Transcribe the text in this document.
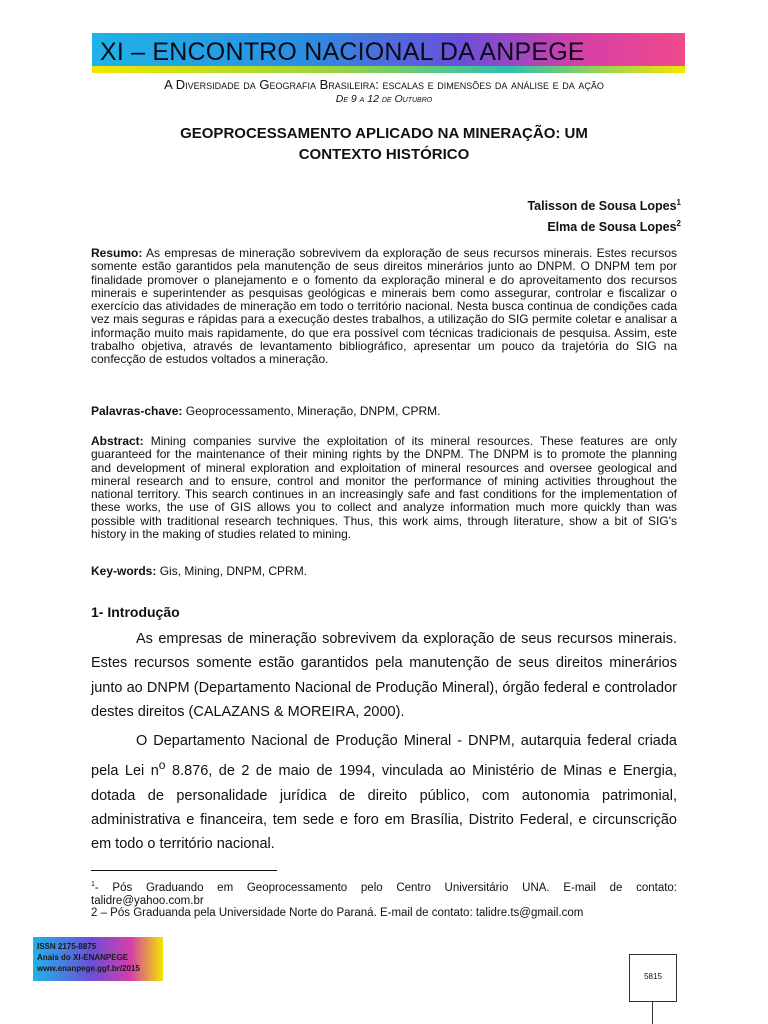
XI – ENCONTRO NACIONAL DA ANPEGE
A Diversidade da Geografia Brasileira: escalas e dimensões da análise e da ação
De 9 a 12 de Outubro
GEOPROCESSAMENTO APLICADO NA MINERAÇÃO: UM
CONTEXTO HISTÓRICO
Talisson de Sousa Lopes$^1$
Elma de Sousa Lopes$^2$

Resumo: As empresas de mineração sobrevivem da exploração de seus recursos minerais. Estes recursos somente estão garantidos pela manutenção de seus direitos minerários junto ao DNPM. O DNPM tem por finalidade promover o planejamento e o fomento da exploração mineral e do aproveitamento dos recursos minerais e superintender as pesquisas geológicas e minerais bem como assegurar, controlar e fiscalizar o exercício das atividades de mineração em todo o território nacional. Nesta busca continua de condições cada vez mais seguras e rápidas para a execução destes trabalhos, a utilização do SIG permite coletar e analisar a informação muito mais rapidamente, do que era possível com técnicas tradicionais de pesquisa. Assim, este trabalho objetiva, através de levantamento bibliográfico, apresentar um pouco da trajetória do SIG na confecção de estudos voltados a mineração.

Palavras-chave: Geoprocessamento, Mineração, DNPM, CPRM.

Abstract: Mining companies survive the exploitation of its mineral resources. These features are only guaranteed for the maintenance of their mining rights by the DNPM. The DNPM is to promote the planning and development of mineral exploration and exploitation of mineral resources and oversee geological and mineral research and to ensure, control and monitor the performance of mining activities throughout the national territory. This search continues in an increasingly safe and fast conditions for the implementation of these works, the use of GIS allows you to collect and analyze information much more quickly than was possible with traditional research techniques. Thus, this work aims, through literature, show a bit of SIG's history in the making of studies related to mining.

Key-words: Gis, Mining, DNPM, CPRM.

1- Introdução

As empresas de mineração sobrevivem da exploração de seus recursos minerais. Estes recursos somente estão garantidos pela manutenção de seus direitos minerários junto ao DNPM (Departamento Nacional de Produção Mineral), órgão federal e controlador destes direitos (CALAZANS & MOREIRA, 2000).

O Departamento Nacional de Produção Mineral - DNPM, autarquia federal criada pela Lei $n^o$ 8.876, de 2 de maio de 1994, vinculada ao Ministério de Minas e Energia, dotada de personalidade jurídica de direito público, com autonomia patrimonial, administrativa e financeira, tem sede e foro em Brasília, Distrito Federal, e circunscrição em todo o território nacional.

$^1$- Pós Graduando em Geoprocessamento pelo Centro Universitário UNA. E-mail de contato: talidre@yahoo.com.br

2 – Pós Graduanda pela Universidade Norte do Paraná. E-mail de contato: talidre.ts@gmail.com

ISSN 2175-8875
Anais do XI-ENANPEGE
www.enanpege.ggf.br/2015
5815
